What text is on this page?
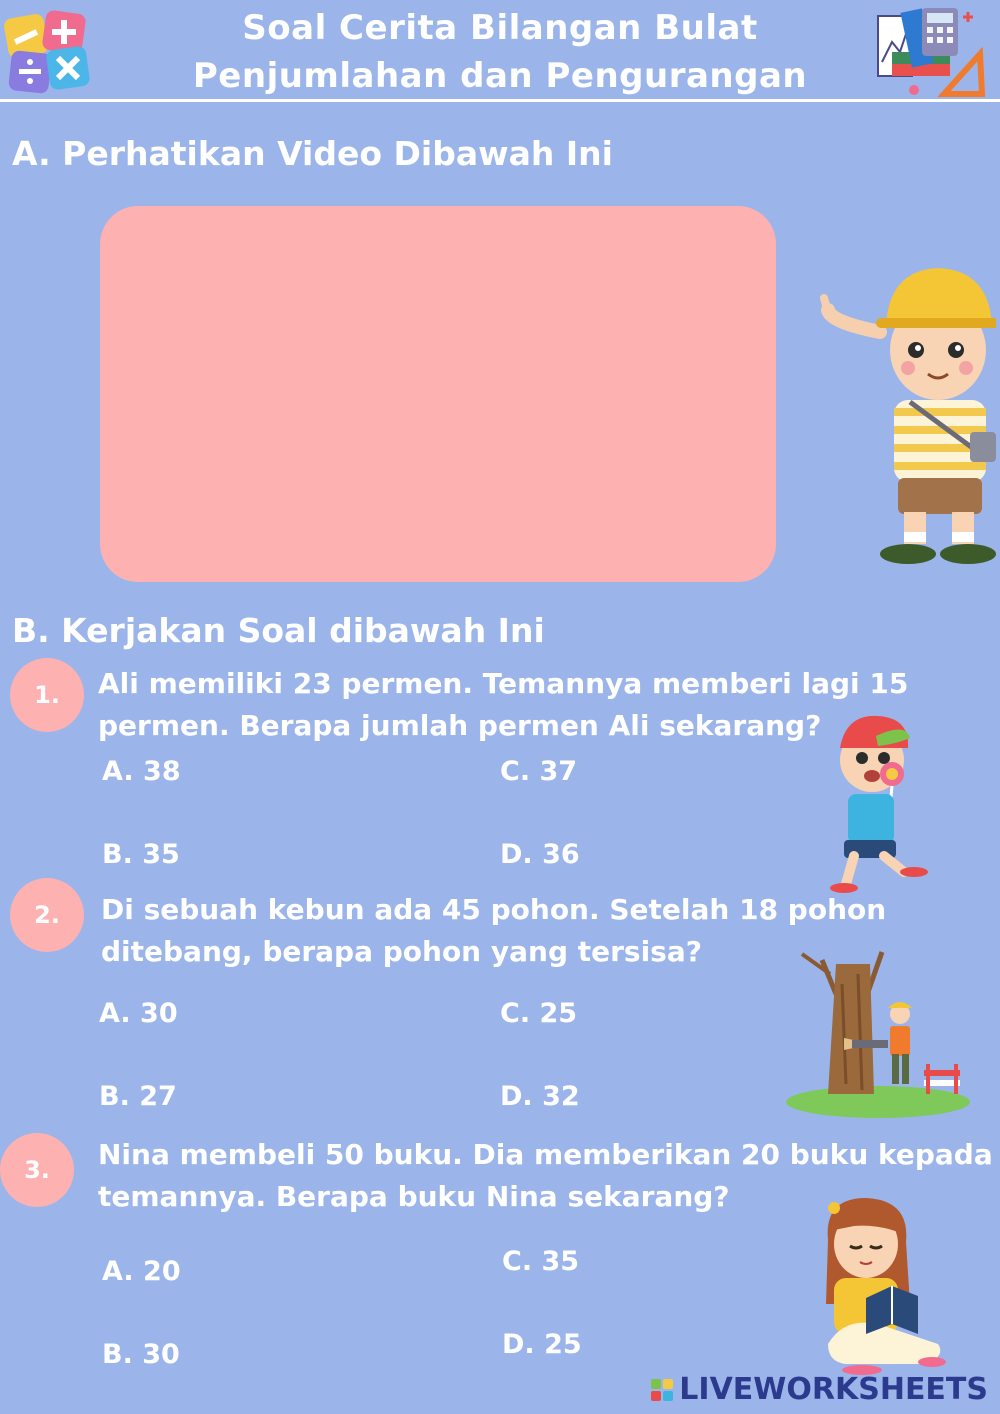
Soal Cerita Bilangan Bulat
Penjumlahan dan Pengurangan
A. Perhatikan Video Dibawah Ini
B. Kerjakan Soal dibawah Ini
1.	Ali memiliki 23 permen. Temannya memberi lagi 15
permen. Berapa jumlah permen Ali sekarang?
A. 38	C. 37
B. 35	D. 36
2.	Di sebuah kebun ada 45 pohon. Setelah 18 pohon
ditebang, berapa pohon yang tersisa?
A. 30	C. 25
B. 27	D. 32
3.	Nina membeli 50 buku. Dia memberikan 20 buku kepada
temannya. Berapa buku Nina sekarang?
A. 20	C. 35
B. 30	D. 25
LIVEWORKSHEETS
